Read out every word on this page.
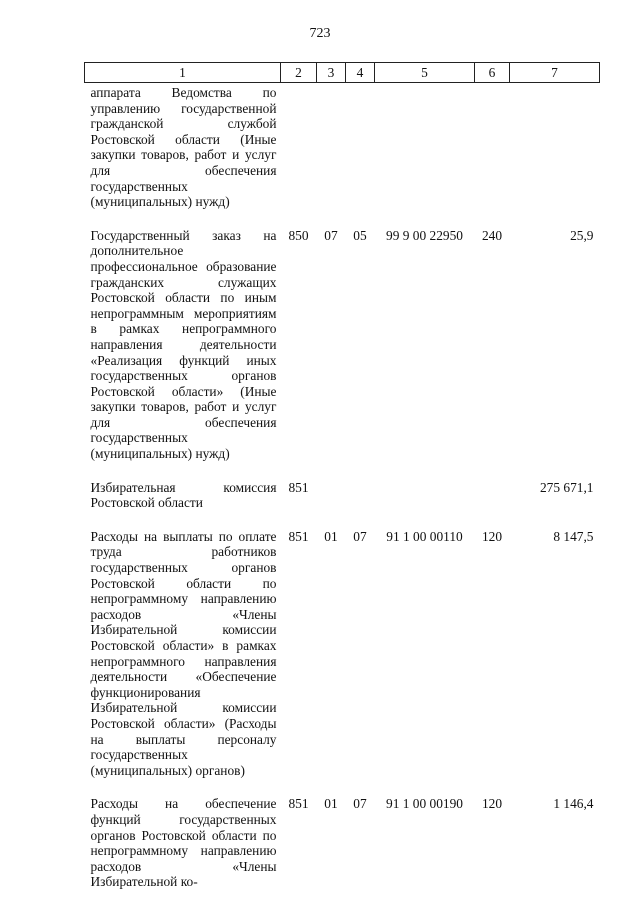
723
1	2	3	4	5	6	7
аппарата Ведомства по управлению государственной гражданской службой Ростовской области (Иные закупки товаров, работ и услуг для обеспечения государственных (муниципальных) нужд)						
Государственный заказ на дополнительное профессиональное образование гражданских служащих Ростовской области по иным непрограммным мероприятиям в рамках непрограммного направления деятельности «Реализация функций иных государственных органов Ростовской области» (Иные закупки товаров, работ и услуг для обеспечения государственных (муниципальных) нужд)	850	07	05	99 9 00 22950	240	25,9
Избирательная комиссия Ростовской области	851					275 671,1
Расходы на выплаты по оплате труда работников государственных органов Ростовской области по непрограммному направлению расходов «Члены Избирательной комиссии Ростовской области» в рамках непрограммного направления деятельности «Обеспечение функционирования Избирательной комиссии Ростовской области» (Расходы на выплаты персоналу государственных (муниципальных) органов)	851	01	07	91 1 00 00110	120	8 147,5
Расходы на обеспечение функций государственных органов Ростовской области по непрограммному направлению расходов «Члены Избирательной ко-	851	01	07	91 1 00 00190	120	1 146,4
